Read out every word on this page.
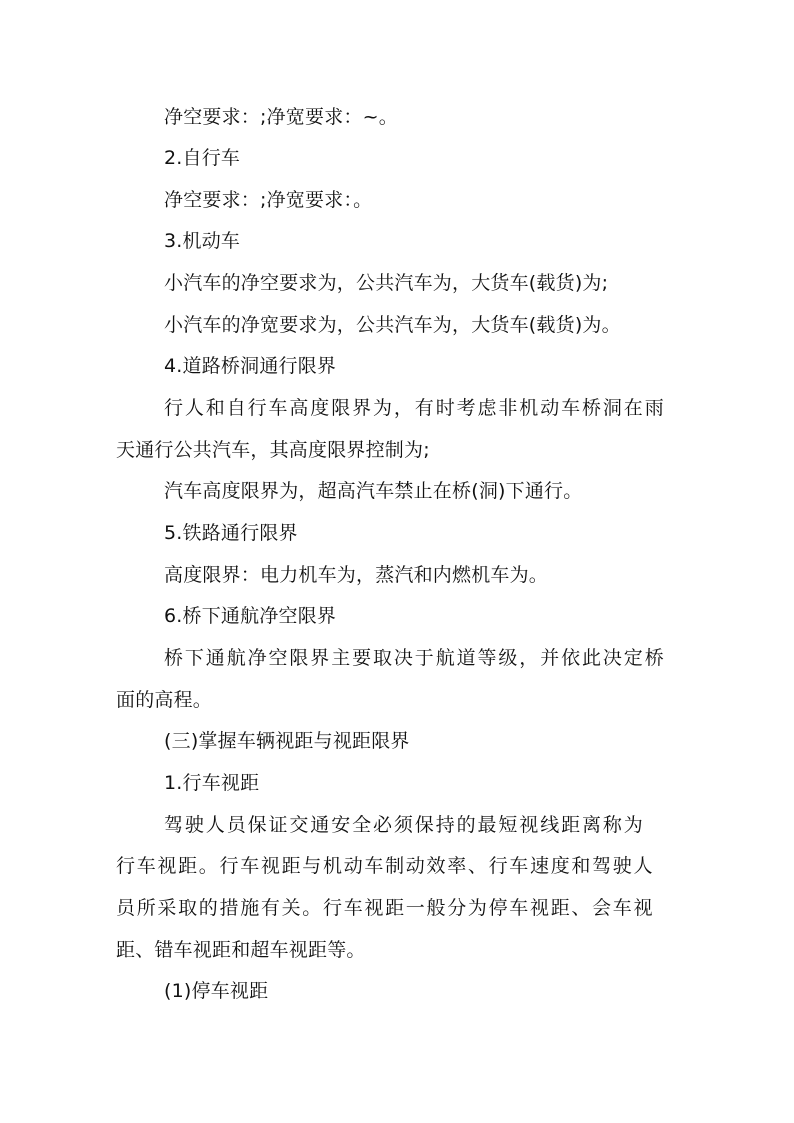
净空要求：;净宽要求：~。
2.自行车
净空要求：;净宽要求：。
3.机动车
小汽车的净空要求为，公共汽车为，大货车(载货)为;
小汽车的净宽要求为，公共汽车为，大货车(载货)为。
4.道路桥洞通行限界
行人和自行车高度限界为，有时考虑非机动车桥洞在雨
天通行公共汽车，其高度限界控制为;
汽车高度限界为，超高汽车禁止在桥(洞)下通行。
5.铁路通行限界
高度限界：电力机车为，蒸汽和内燃机车为。
6.桥下通航净空限界
桥下通航净空限界主要取决于航道等级，并依此决定桥
面的高程。
(三)掌握车辆视距与视距限界
1.行车视距
驾驶人员保证交通安全必须保持的最短视线距离称为
行车视距。行车视距与机动车制动效率、行车速度和驾驶人
员所采取的措施有关。行车视距一般分为停车视距、会车视
距、错车视距和超车视距等。
(1)停车视距
